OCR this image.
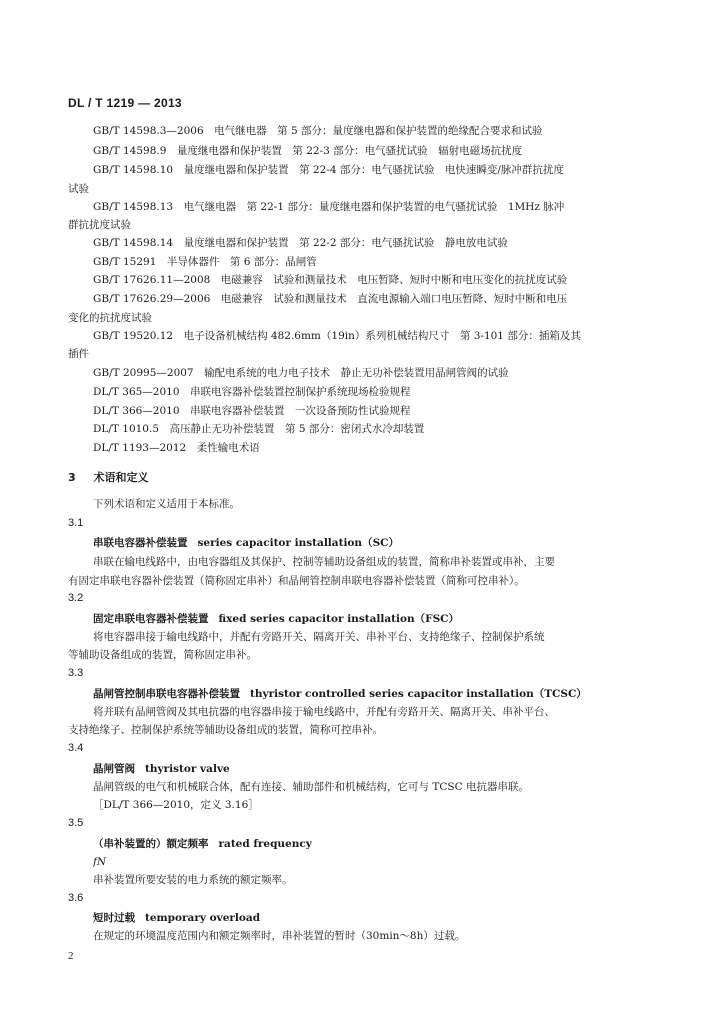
DL / T 1219 — 2013
GB/T 14598.3—2006　电气继电器　第 5 部分：量度继电器和保护装置的绝缘配合要求和试验
GB/T 14598.9　量度继电器和保护装置　第 22-3 部分：电气骚扰试验　辐射电磁场抗扰度
GB/T 14598.10　量度继电器和保护装置　第 22-4 部分：电气骚扰试验　电快速瞬变/脉冲群抗扰度
试验
GB/T 14598.13　电气继电器　第 22-1 部分：量度继电器和保护装置的电气骚扰试验　1MHz 脉冲
群抗扰度试验
GB/T 14598.14　量度继电器和保护装置　第 22-2 部分：电气骚扰试验　静电放电试验
GB/T 15291　半导体器件　第 6 部分：晶闸管
GB/T 17626.11—2008　电磁兼容　试验和测量技术　电压暂降、短时中断和电压变化的抗扰度试验
GB/T 17626.29—2006　电磁兼容　试验和测量技术　直流电源输入端口电压暂降、短时中断和电压
变化的抗扰度试验
GB/T 19520.12　电子设备机械结构 482.6mm（19in）系列机械结构尺寸　第 3-101 部分：插箱及其
插件
GB/T 20995—2007　输配电系统的电力电子技术　静止无功补偿装置用晶闸管阀的试验
DL/T 365—2010　串联电容器补偿装置控制保护系统现场检验规程
DL/T 366—2010　串联电容器补偿装置　一次设备预防性试验规程
DL/T 1010.5　高压静止无功补偿装置　第 5 部分：密闭式水冷却装置
DL/T 1193—2012　柔性输电术语
3 术语和定义
下列术语和定义适用于本标准。
3.1
串联电容器补偿装置 series capacitor installation（SC）
串联在输电线路中，由电容器组及其保护、控制等辅助设备组成的装置，简称串补装置或串补，主要
有固定串联电容器补偿装置（简称固定串补）和晶闸管控制串联电容器补偿装置（简称可控串补）。
3.2
固定串联电容器补偿装置 fixed series capacitor installation（FSC）
将电容器串接于输电线路中，并配有旁路开关、隔离开关、串补平台、支持绝缘子、控制保护系统
等辅助设备组成的装置，简称固定串补。
3.3
晶闸管控制串联电容器补偿装置 thyristor controlled series capacitor installation（TCSC）
将并联有晶闸管阀及其电抗器的电容器串接于输电线路中，并配有旁路开关、隔离开关、串补平台、
支持绝缘子、控制保护系统等辅助设备组成的装置，简称可控串补。
3.4
晶闸管阀 thyristor valve
晶闸管级的电气和机械联合体，配有连接、辅助部件和机械结构，它可与 TCSC 电抗器串联。
［DL/T 366—2010，定义 3.16］
3.5
（串补装置的）额定频率 rated frequency
fN
串补装置所要安装的电力系统的额定频率。
3.6
短时过载 temporary overload
在规定的环境温度范围内和额定频率时，串补装置的暂时（30min～8h）过载。
2
